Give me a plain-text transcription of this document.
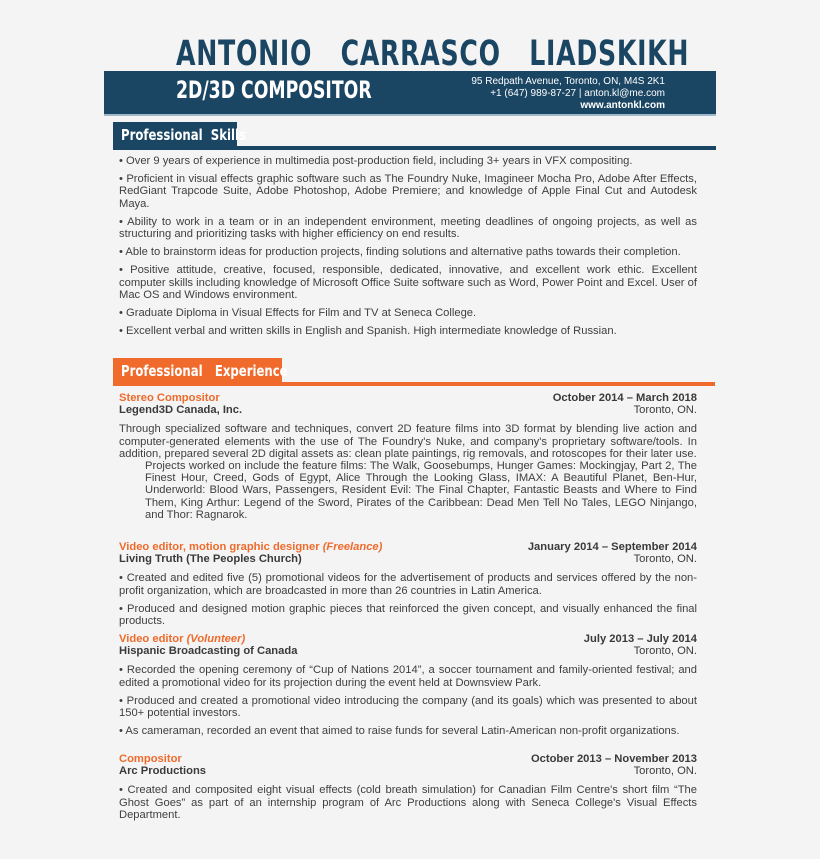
ANTONIO   CARRASCO   LIADSKIKH
2D/3D COMPOSITOR	95 Redpath Avenue, Toronto, ON, M4S 2K1
+1 (647) 989-87-27 | anton.kl@me.com
www.antonkl.com
Professional  Skills

• Over 9 years of experience in multimedia post-production field, including 3+ years in VFX compositing.

• Proficient in visual effects graphic software such as The Foundry Nuke, Imagineer Mocha Pro, Adobe After Effects, RedGiant Trapcode Suite, Adobe Photoshop, Adobe Premiere; and knowledge of Apple Final Cut and Autodesk Maya.

• Ability to work in a team or in an independent environment, meeting deadlines of ongoing projects, as well as structuring and prioritizing tasks with higher efficiency on end results.

• Able to brainstorm ideas for production projects, finding solutions and alternative paths towards their completion.

• Positive attitude, creative, focused, responsible, dedicated, innovative, and excellent work ethic. Excellent computer skills including knowledge of Microsoft Office Suite software such as Word, Power Point and Excel. User of Mac OS and Windows environment.

• Graduate Diploma in Visual Effects for Film and TV at Seneca College.

• Excellent verbal and written skills in English and Spanish. High intermediate knowledge of Russian.

Professional   Experience
Stereo Compositor	October 2014 – March 2018
Legend3D Canada, Inc.	Toronto, ON.

Through specialized software and techniques, convert 2D feature films into 3D format by blending live action and computer-generated elements with the use of The Foundry's Nuke, and company's proprietary software/tools. In addition, prepared several 2D digital assets as: clean plate paintings, rig removals, and rotoscopes for their later use.

Projects worked on include the feature films: The Walk, Goosebumps, Hunger Games: Mockingjay, Part 2, The Finest Hour, Creed, Gods of Egypt, Alice Through the Looking Glass, IMAX: A Beautiful Planet, Ben-Hur, Underworld: Blood Wars, Passengers, Resident Evil: The Final Chapter, Fantastic Beasts and Where to Find Them, King Arthur: Legend of the Sword, Pirates of the Caribbean: Dead Men Tell No Tales, LEGO Ninjango, and Thor: Ragnarok.

Video editor, motion graphic designer (Freelance)	January 2014 – September 2014
Living Truth (The Peoples Church)	Toronto, ON.

• Created and edited five (5) promotional videos for the advertisement of products and services offered by the non-profit organization, which are broadcasted in more than 26 countries in Latin America.

• Produced and designed motion graphic pieces that reinforced the given concept, and visually enhanced the final products.

Video editor (Volunteer)	July 2013 – July 2014
Hispanic Broadcasting of Canada	Toronto, ON.

• Recorded the opening ceremony of “Cup of Nations 2014”, a soccer tournament and family-oriented festival; and edited a promotional video for its projection during the event held at Downsview Park.

• Produced and created a promotional video introducing the company (and its goals) which was presented to about 150+ potential investors.

• As cameraman, recorded an event that aimed to raise funds for several Latin-American non-profit organizations.

Compositor	October 2013 – November 2013
Arc Productions	Toronto, ON.

• Created and composited eight visual effects (cold breath simulation) for Canadian Film Centre's short film “The Ghost Goes” as part of an internship program of Arc Productions along with Seneca College's Visual Effects Department.
